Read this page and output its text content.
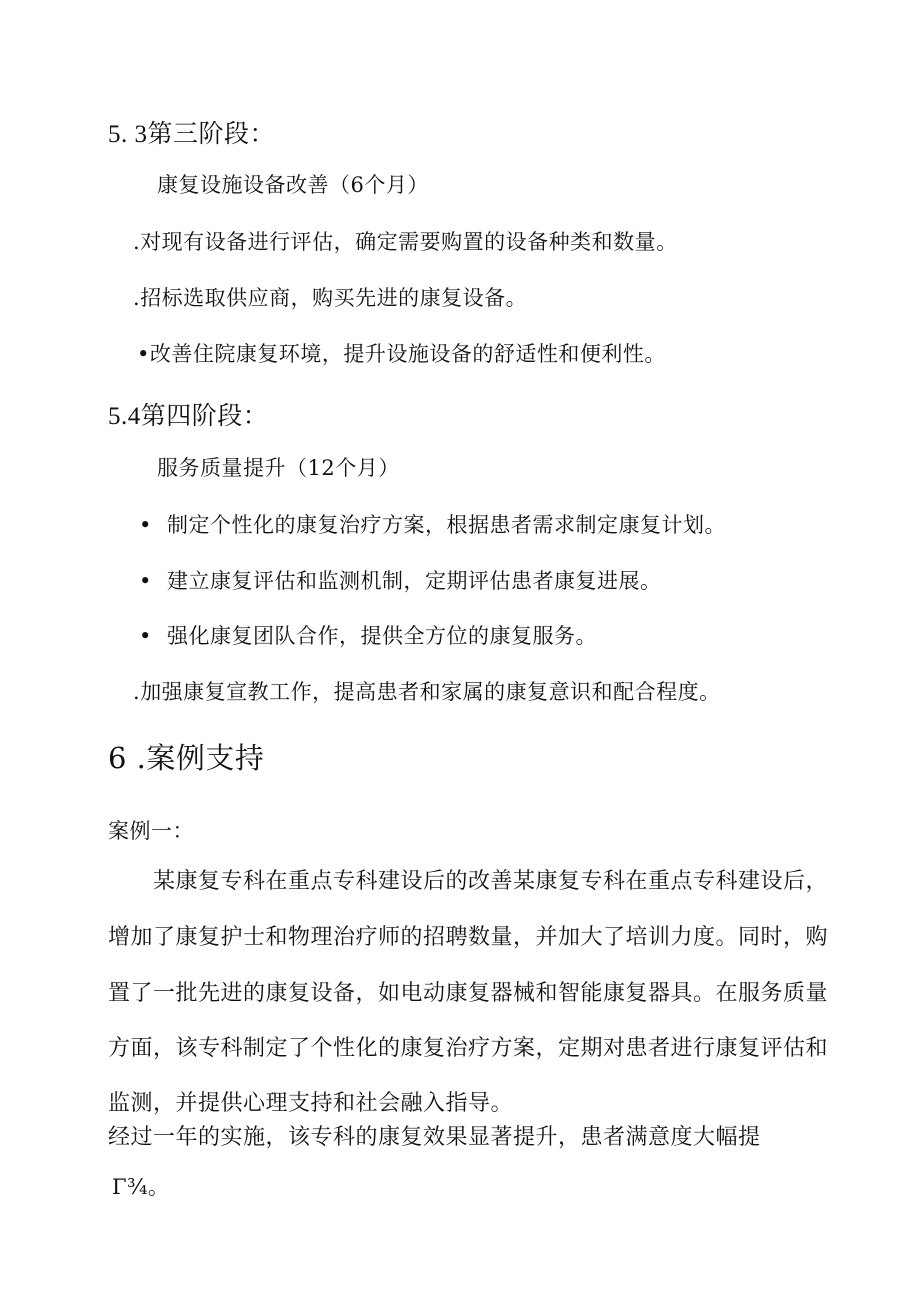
5. 3第三阶段：
康复设施设备改善（6个月）
.对现有设备进行评估，确定需要购置的设备种类和数量。
.招标选取供应商，购买先进的康复设备。
•改善住院康复环境，提升设施设备的舒适性和便利性。
5.4第四阶段：
服务质量提升（12个月）
• 制定个性化的康复治疗方案，根据患者需求制定康复计划。
• 建立康复评估和监测机制，定期评估患者康复进展。
• 强化康复团队合作，提供全方位的康复服务。
.加强康复宣教工作，提高患者和家属的康复意识和配合程度。
6 .案例支持
案例一：
某康复专科在重点专科建设后的改善某康复专科在重点专科建设后，
增加了康复护士和物理治疗师的招聘数量，并加大了培训力度。同时，购
置了一批先进的康复设备，如电动康复器械和智能康复器具。在服务质量
方面，该专科制定了个性化的康复治疗方案，定期对患者进行康复评估和
监测，并提供心理支持和社会融入指导。
经过一年的实施，该专科的康复效果显著提升，患者满意度大幅提
Γ¾。
